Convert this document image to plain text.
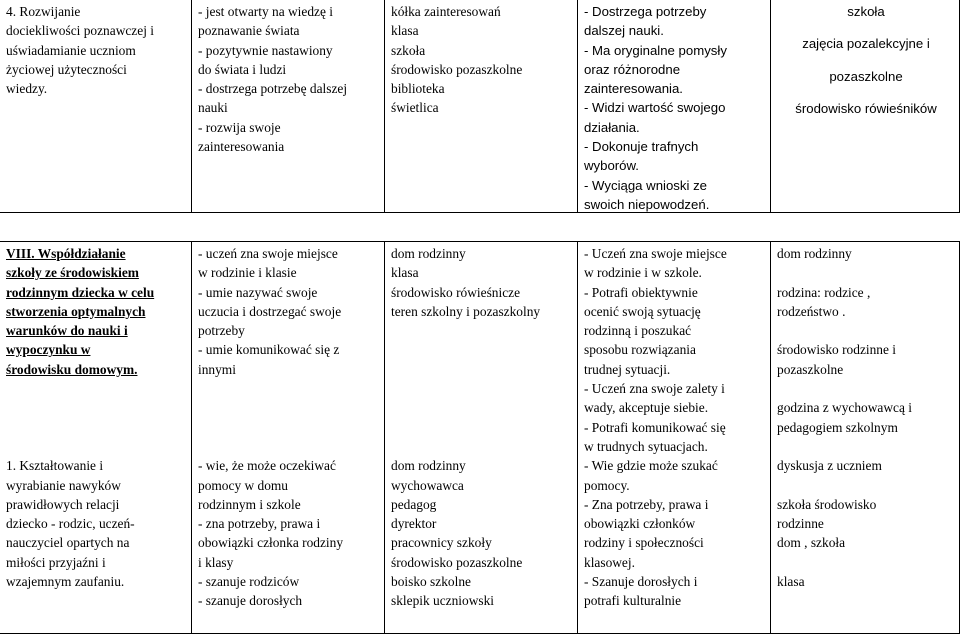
4. Rozwijanie
dociekliwości poznawczej i
uświadamianie uczniom
życiowej użyteczności
wiedzy.
- jest otwarty na wiedzę i
poznawanie świata
- pozytywnie nastawiony
do świata i ludzi
- dostrzega potrzebę dalszej
nauki
- rozwija swoje
zainteresowania
kółka zainteresowań
klasa
szkoła
środowisko pozaszkolne
biblioteka
świetlica
- Dostrzega potrzeby
dalszej nauki.
- Ma oryginalne pomysły
oraz różnorodne
zainteresowania.
- Widzi wartość swojego
działania.
- Dokonuje trafnych
wyborów.
- Wyciąga wnioski ze
swoich niepowodzeń.
szkoła
zajęcia pozalekcyjne i
pozaszkolne
środowisko rówieśników
VIII. Współdziałanie
szkoły ze środowiskiem
rodzinnym dziecka w celu
stworzenia optymalnych
warunków do nauki i
wypoczynku w
środowisku domowym.
1. Kształtowanie i
wyrabianie nawyków
prawidłowych relacji
dziecko - rodzic, uczeń-
nauczyciel opartych na
miłości przyjaźni i
wzajemnym zaufaniu.
- uczeń zna swoje miejsce
w rodzinie i klasie
- umie nazywać swoje
uczucia i dostrzegać swoje
potrzeby
- umie komunikować się z
innymi
- wie, że może oczekiwać
pomocy w domu
rodzinnym i szkole
- zna potrzeby, prawa i
obowiązki członka rodziny
i klasy
- szanuje rodziców
- szanuje dorosłych
dom rodzinny
klasa
środowisko rówieśnicze
teren szkolny i pozaszkolny
dom rodzinny
wychowawca
pedagog
dyrektor
pracownicy szkoły
środowisko pozaszkolne
boisko szkolne
sklepik uczniowski
- Uczeń zna swoje miejsce
w rodzinie i w szkole.
- Potrafi obiektywnie
ocenić swoją sytuację
rodzinną i poszukać
sposobu rozwiązania
trudnej sytuacji.
- Uczeń zna swoje zalety i
wady, akceptuje siebie.
- Potrafi komunikować się
w trudnych sytuacjach.
- Wie gdzie może szukać
pomocy.
- Zna potrzeby, prawa i
obowiązki członków
rodziny i społeczności
klasowej.
- Szanuje dorosłych i
potrafi kulturalnie
dom rodzinny

rodzina: rodzice ,
rodzeństwo .

środowisko rodzinne i
pozaszkolne

godzina z wychowawcą i
pedagogiem szkolnym

dyskusja z uczniem

szkoła środowisko
rodzinne
dom , szkoła

klasa
